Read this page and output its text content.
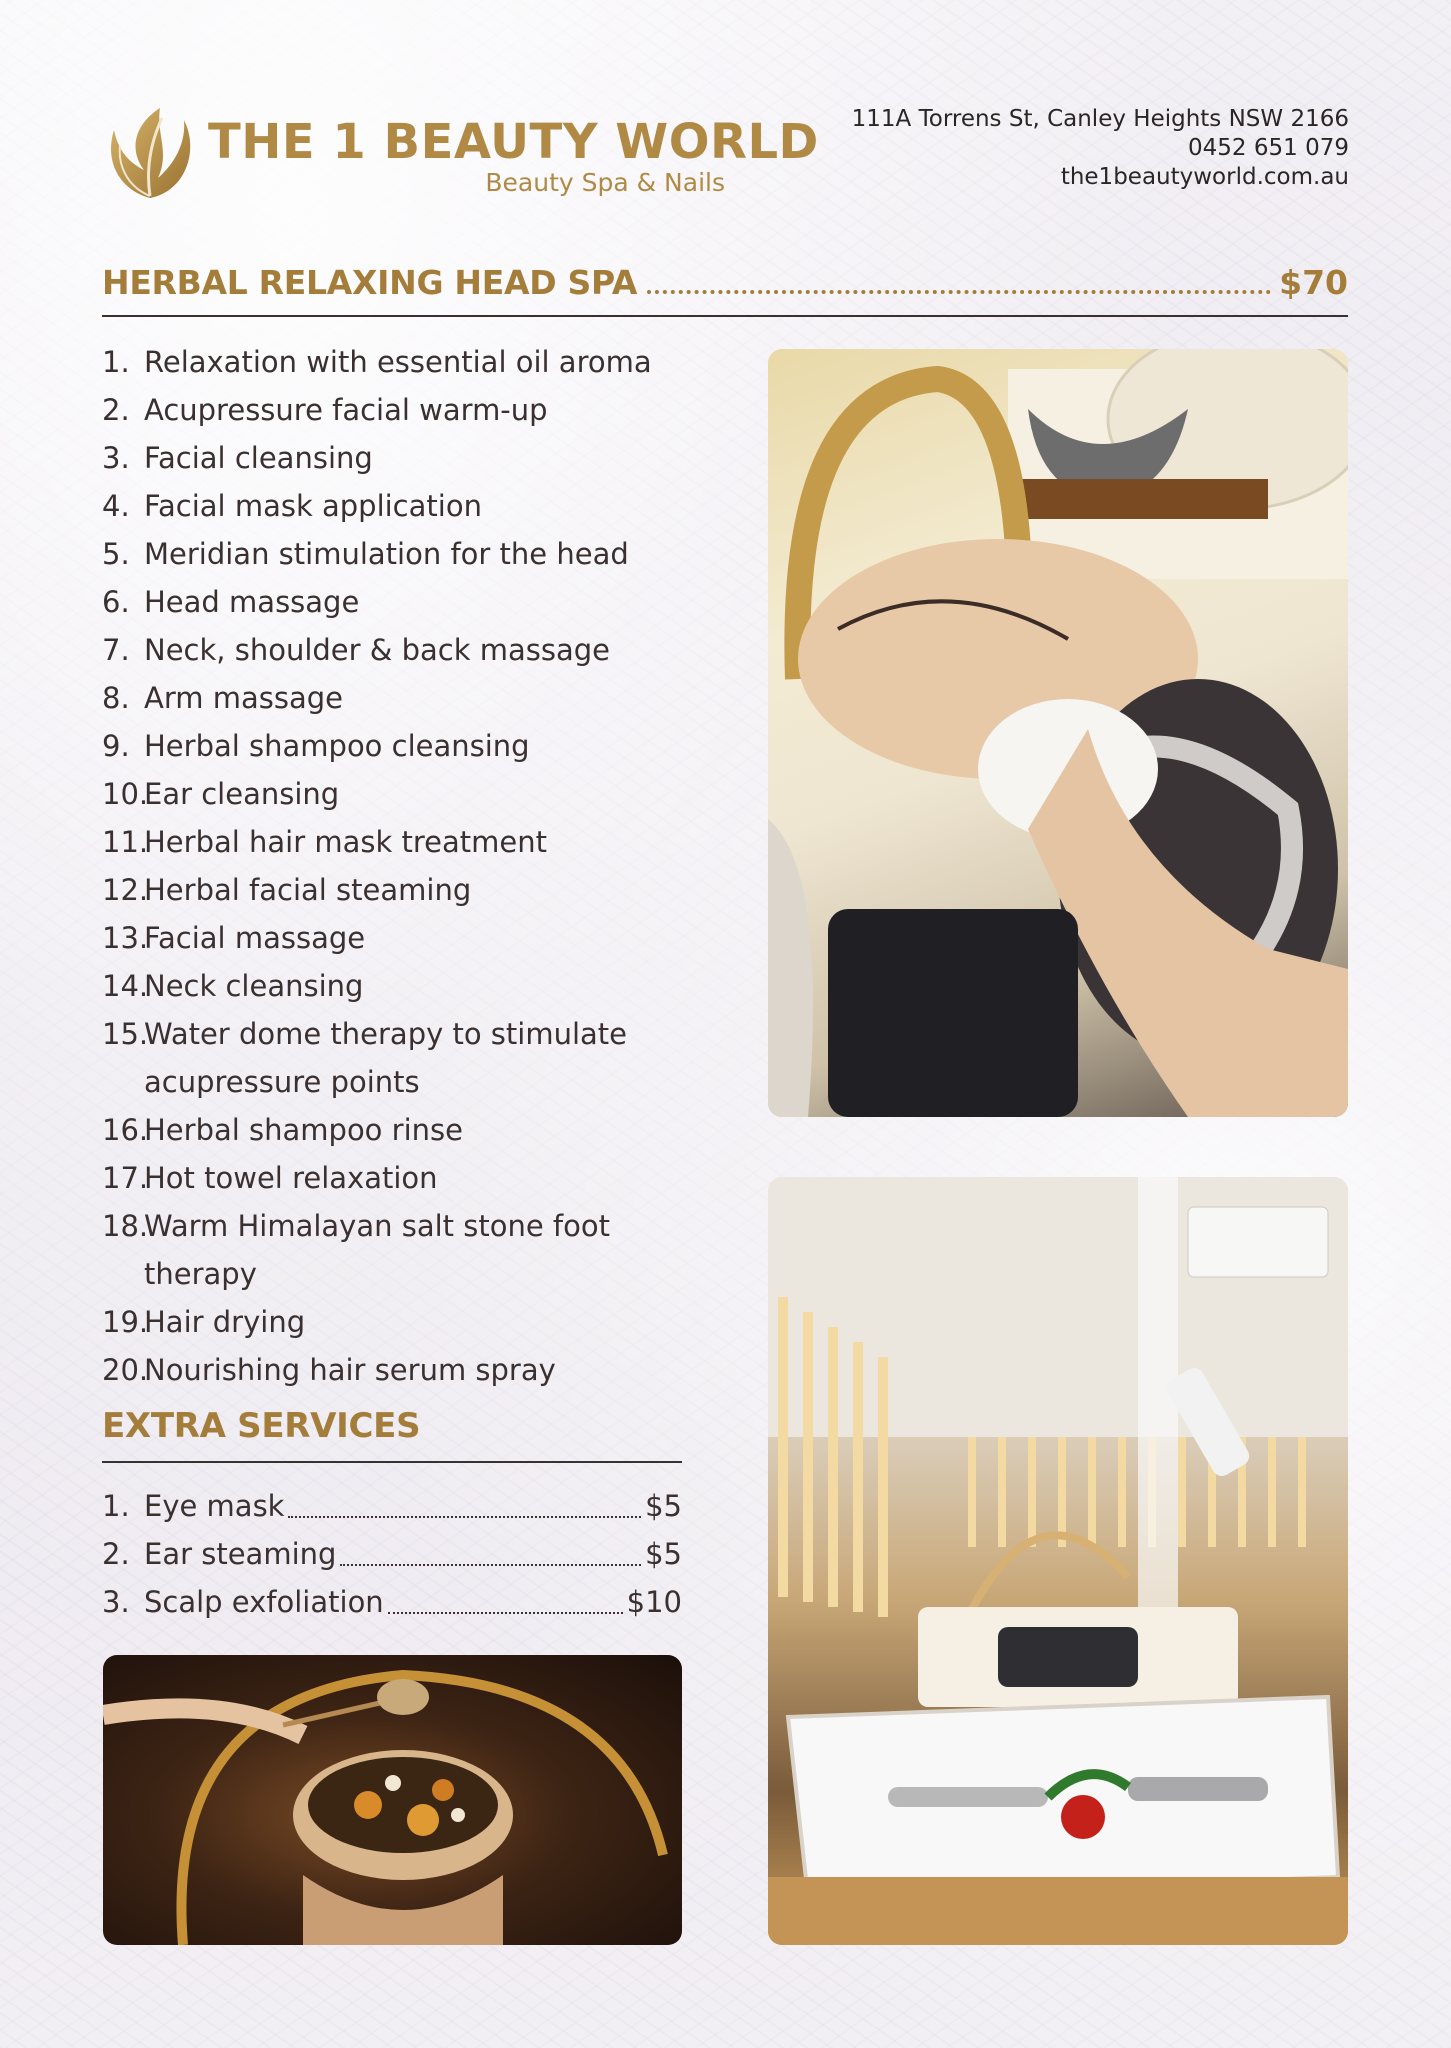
THE 1 BEAUTY WORLD
Beauty Spa & Nails
111A Torrens St, Canley Heights NSW 2166
0452 651 079
the1beautyworld.com.au
HERBAL RELAXING HEAD SPA	$70
1. Relaxation with essential oil aroma
2. Acupressure facial warm-up
3. Facial cleansing
4. Facial mask application
5. Meridian stimulation for the head
6. Head massage
7. Neck, shoulder & back massage
8. Arm massage
9. Herbal shampoo cleansing
10.
Ear cleansing
11.
Herbal hair mask treatment
12.
Herbal facial steaming
13.
Facial massage
14.
Neck cleansing
15.
Water dome therapy to stimulate acupressure points
16.
Herbal shampoo rinse
17.
Hot towel relaxation
18.
Warm Himalayan salt stone foot therapy
19.
Hair drying
20.
Nourishing hair serum spray
EXTRA SERVICES
1. Eye mask	$5
2. Ear steaming	$5
3. Scalp exfoliation	$10
